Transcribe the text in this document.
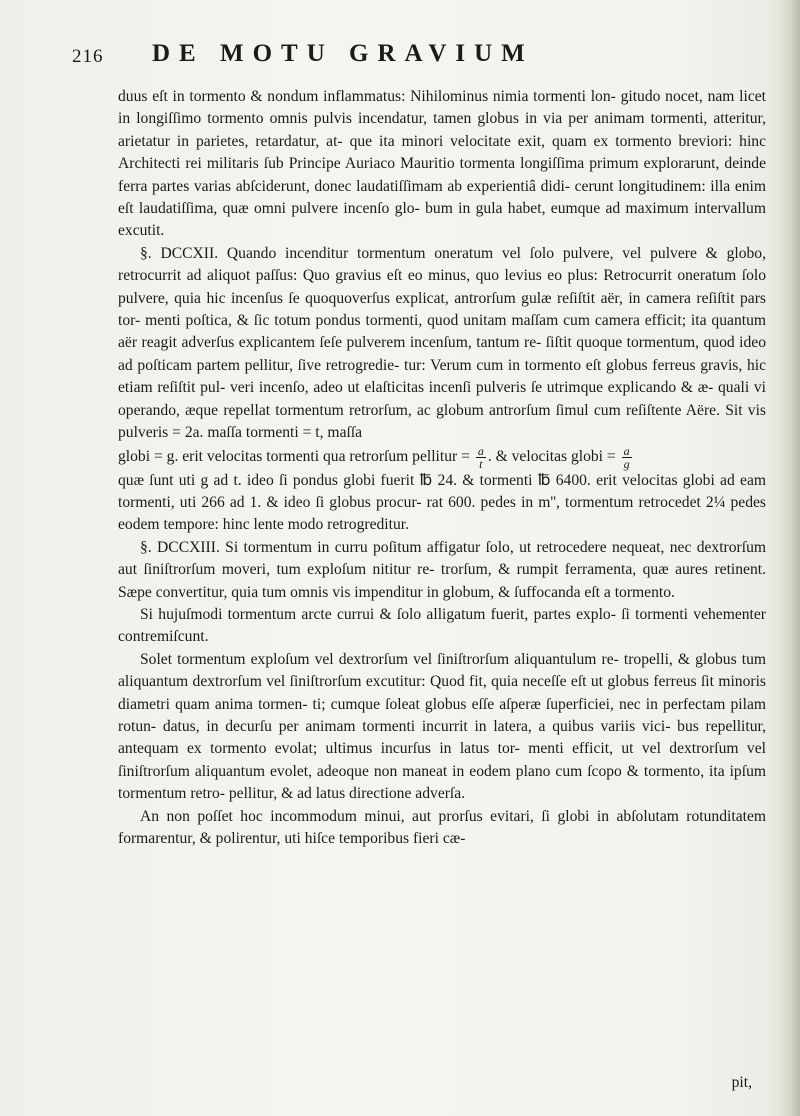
216 DE MOTU GRAVIUM

duus eſt in tormento & nondum inflammatus: Nihilominus nimia tormenti lon- gitudo nocet, nam licet in longiſſimo tormento omnis pulvis incendatur, tamen globus in via per animam tormenti, atteritur, arietatur in parietes, retardatur, at- que ita minori velocitate exit, quam ex tormento breviori: hinc Architecti rei militaris ſub Principe Auriaco Mauritio tormenta longiſſima primum explorarunt, deinde ferra partes varias abſciderunt, donec laudatiſſimam ab experientiâ didi- cerunt longitudinem: illa enim eſt laudatiſſima, quæ omni pulvere incenſo glo- bum in gula habet, eumque ad maximum intervallum excutit.

§. DCCXII. Quando incenditur tormentum oneratum vel ſolo pulvere, vel pulvere & globo, retrocurrit ad aliquot paſſus: Quo gravius eſt eo minus, quo levius eo plus: Retrocurrit oneratum ſolo pulvere, quia hic incenſus ſe quoquoverſus explicat, antrorſum gulæ reſiſtit aër, in camera reſiſtit pars tor- menti poſtica, & ſic totum pondus tormenti, quod unitam maſſam cum camera efficit; ita quantum aër reagit adverſus explicantem ſeſe pulverem incenſum, tantum re- ſiſtit quoque tormentum, quod ideo ad poſticam partem pellitur, ſive retrogredie- tur: Verum cum in tormento eſt globus ferreus gravis, hic etiam reſiſtit pul- veri incenſo, adeo ut elaſticitas incenſi pulveris ſe utrimque explicando & æ- quali vi operando, æque repellat tormentum retrorſum, ac globum antrorſum ſimul cum reſiſtente Aëre. Sit vis pulveris = 2a. maſſa tormenti = t, maſſa

globi = g. erit velocitas tormenti qua retrorſum pellitur = $\frac{a}{t}$ . & velocitas globi = $\frac{a}{g}$

quæ ſunt uti g ad t. ideo ſi pondus globi fuerit ℔ 24. & tormenti ℔ 6400. erit velocitas globi ad eam tormenti, uti 266 ad 1. & ideo ſi globus procur- rat 600. pedes in m'', tormentum retrocedet 2¼ pedes eodem tempore: hinc lente modo retrogreditur.

§. DCCXIII. Si tormentum in curru poſitum affigatur ſolo, ut retrocedere nequeat, nec dextrorſum aut ſiniſtrorſum moveri, tum exploſum nititur re- trorſum, & rumpit ferramenta, quæ aures retinent. Sæpe convertitur, quia tum omnis vis impenditur in globum, & ſuffocanda eſt a tormento.

Si hujuſmodi tormentum arcte currui & ſolo alligatum fuerit, partes explo- ſi tormenti vehementer contremiſcunt.

Solet tormentum exploſum vel dextrorſum vel ſiniſtrorſum aliquantulum re- tropelli, & globus tum aliquantum dextrorſum vel ſiniſtrorſum excutitur: Quod fit, quia neceſſe eſt ut globus ferreus ſit minoris diametri quam anima tormen- ti; cumque ſoleat globus eſſe aſperæ ſuperficiei, nec in perfectam pilam rotun- datus, in decurſu per animam tormenti incurrit in latera, a quibus variis vici- bus repellitur, antequam ex tormento evolat; ultimus incurſus in latus tor- menti efficit, ut vel dextrorſum vel ſiniſtrorſum aliquantum evolet, adeoque non maneat in eodem plano cum ſcopo & tormento, ita ipſum tormentum retro- pellitur, & ad latus directione adverſa.

An non poſſet hoc incommodum minui, aut prorſus evitari, ſi globi in abſolutam rotunditatem formarentur, & polirentur, uti hiſce temporibus fieri cæ-

pit,
